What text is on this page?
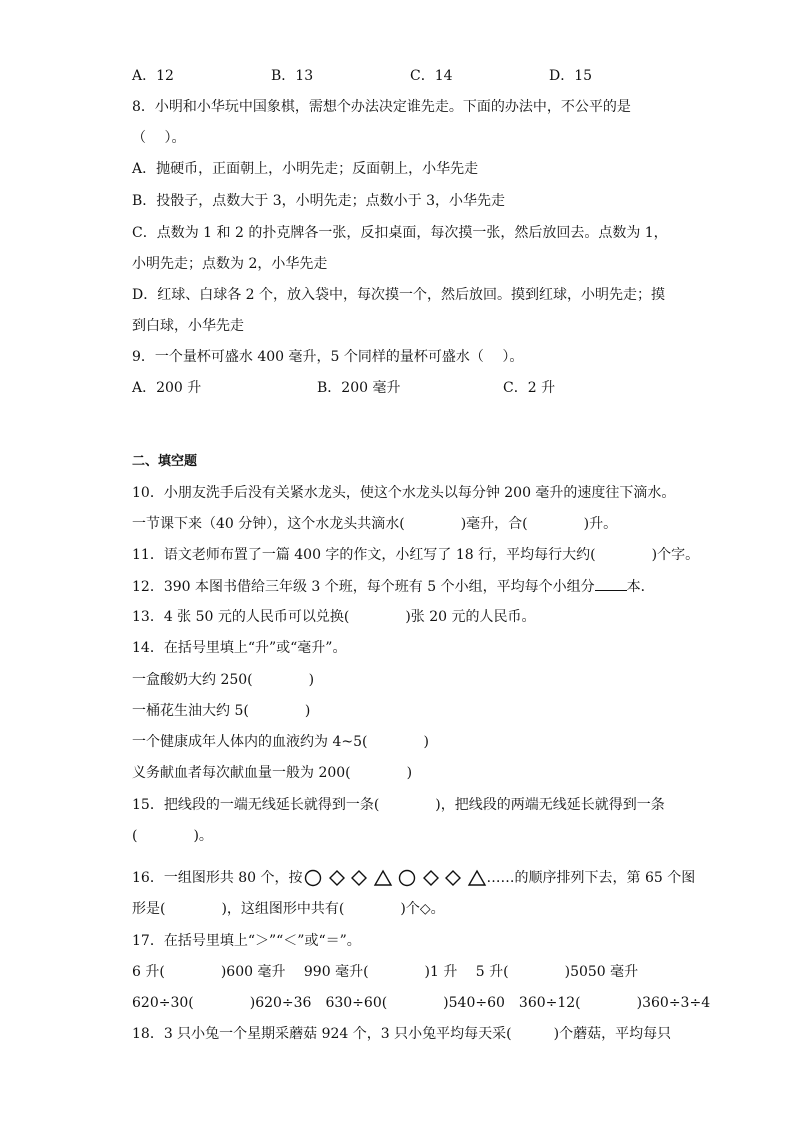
A．12	B．13	C．14	D．15
8．小明和小华玩中国象棋，需想个办法决定谁先走。下面的办法中，不公平的是
（　 ）。
A．抛硬币，正面朝上，小明先走；反面朝上，小华先走
B．投骰子，点数大于 3，小明先走；点数小于 3，小华先走
C．点数为 1 和 2 的扑克牌各一张，反扣桌面，每次摸一张，然后放回去。点数为 1，
小明先走；点数为 2，小华先走
D．红球、白球各 2 个，放入袋中，每次摸一个，然后放回。摸到红球，小明先走；摸
到白球，小华先走
9．一个量杯可盛水 400 毫升，5 个同样的量杯可盛水（　 ）。
A．200 升	B．200 毫升	C．2 升
二、填空题
10．小朋友洗手后没有关紧水龙头，使这个水龙头以每分钟 200 毫升的速度往下滴水。
一节课下来（40 分钟），这个水龙头共滴水(　　　　)毫升，合(　　　　)升。
11．语文老师布置了一篇 400 字的作文，小红写了 18 行，平均每行大约(　　　　)个字。
12．390 本图书借给三年级 3 个班，每个班有 5 个小组，平均每个小组分 本．
13．4 张 50 元的人民币可以兑换(　　　　)张 20 元的人民币。
14．在括号里填上“升”或“毫升”。
一盒酸奶大约 250(　　　　)
一桶花生油大约 5(　　　　)
一个健康成年人体内的血液约为 4~5(　　　　)
义务献血者每次献血量一般为 200(　　　　)
15．把线段的一端无线延长就得到一条(　　　　)，把线段的两端无线延长就得到一条
(　　　　)。
16．一组图形共 80 个，按	……的顺序排列下去，第 65 个图
形是(　　　　)，这组图形中共有(　　　　)个◇。
17．在括号里填上“＞”“＜”或“＝”。
6 升(　　　　)600 毫升　 990 毫升(　　　　)1 升　 5 升(　　　　)5050 毫升
620÷30(　　　　)620÷36　630÷60(　　　　)540÷60　360÷12(　　　　)360÷3÷4
18．3 只小兔一个星期采蘑菇 924 个，3 只小兔平均每天采(　　　)个蘑菇，平均每只
